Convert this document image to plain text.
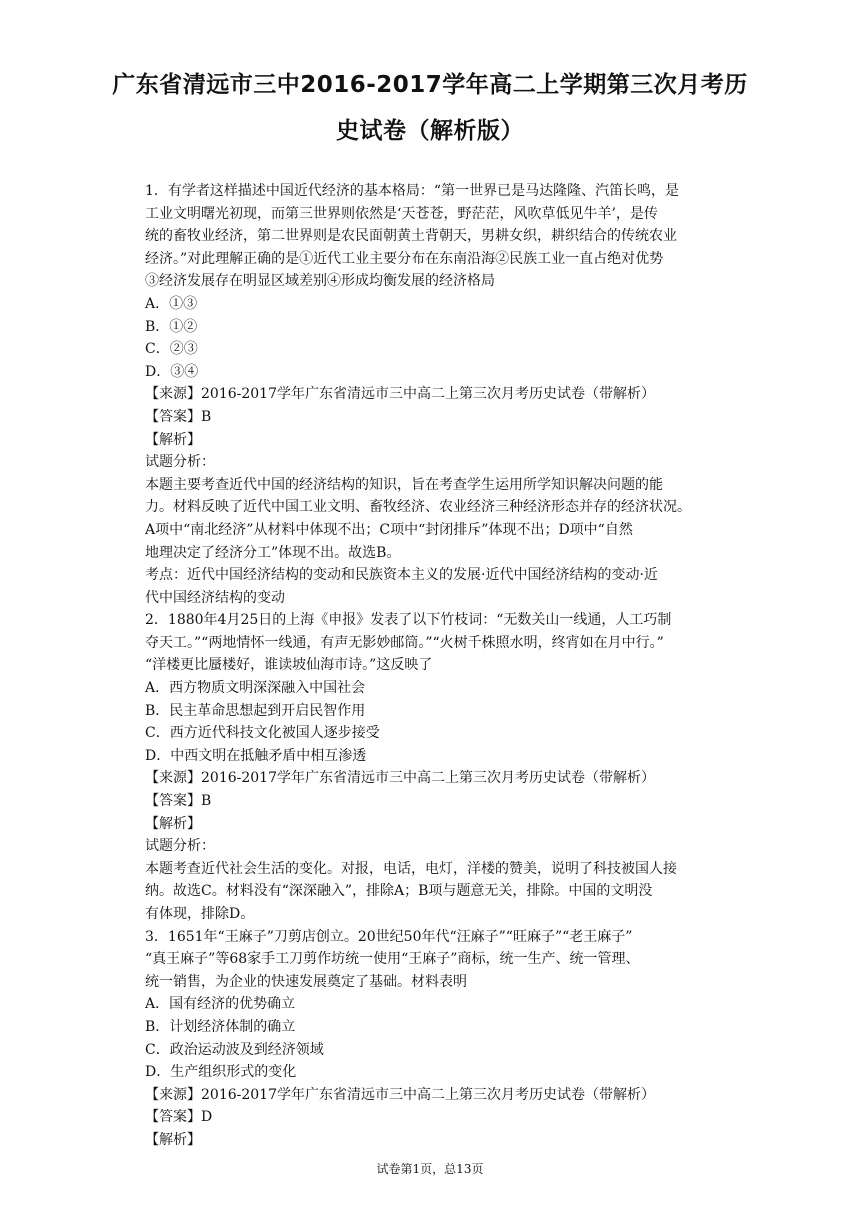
广东省清远市三中2016-2017学年高二上学期第三次月考历
史试卷（解析版）
1．有学者这样描述中国近代经济的基本格局：“第一世界已是马达隆隆、汽笛长鸣，是
工业文明曙光初现，而第三世界则依然是‘天苍苍，野茫茫，风吹草低见牛羊’，是传
统的畜牧业经济，第二世界则是农民面朝黄土背朝天，男耕女织，耕织结合的传统农业
经济。”对此理解正确的是①近代工业主要分布在东南沿海②民族工业一直占绝对优势
③经济发展存在明显区域差别④形成均衡发展的经济格局
A．①③
B．①②
C．②③
D．③④
【来源】2016-2017学年广东省清远市三中高二上第三次月考历史试卷（带解析）
【答案】B
【解析】
试题分析：
本题主要考查近代中国的经济结构的知识，旨在考查学生运用所学知识解决问题的能
力。材料反映了近代中国工业文明、畜牧经济、农业经济三种经济形态并存的经济状况。
A项中“南北经济”从材料中体现不出；C项中“封闭排斥”体现不出；D项中“自然
地理决定了经济分工”体现不出。故选B。
考点：近代中国经济结构的变动和民族资本主义的发展·近代中国经济结构的变动·近
代中国经济结构的变动
2．1880年4月25日的上海《申报》发表了以下竹枝词：“无数关山一线通，人工巧制
夺天工。”“两地情怀一线通，有声无影妙邮筒。”“火树千株照水明，终宵如在月中行。”
“洋楼更比蜃楼好，谁读坡仙海市诗。”这反映了
A．西方物质文明深深融入中国社会
B．民主革命思想起到开启民智作用
C．西方近代科技文化被国人逐步接受
D．中西文明在抵触矛盾中相互渗透
【来源】2016-2017学年广东省清远市三中高二上第三次月考历史试卷（带解析）
【答案】B
【解析】
试题分析：
本题考查近代社会生活的变化。对报，电话，电灯，洋楼的赞美，说明了科技被国人接
纳。故选C。材料没有“深深融入”，排除A；B项与题意无关，排除。中国的文明没
有体现，排除D。
3．1651年“王麻子”刀剪店创立。20世纪50年代“汪麻子”“旺麻子”“老王麻子”
“真王麻子”等68家手工刀剪作坊统一使用“王麻子”商标，统一生产、统一管理、
统一销售，为企业的快速发展奠定了基础。材料表明
A．国有经济的优势确立
B．计划经济体制的确立
C．政治运动波及到经济领域
D．生产组织形式的变化
【来源】2016-2017学年广东省清远市三中高二上第三次月考历史试卷（带解析）
【答案】D
【解析】
试卷第1页，总13页
